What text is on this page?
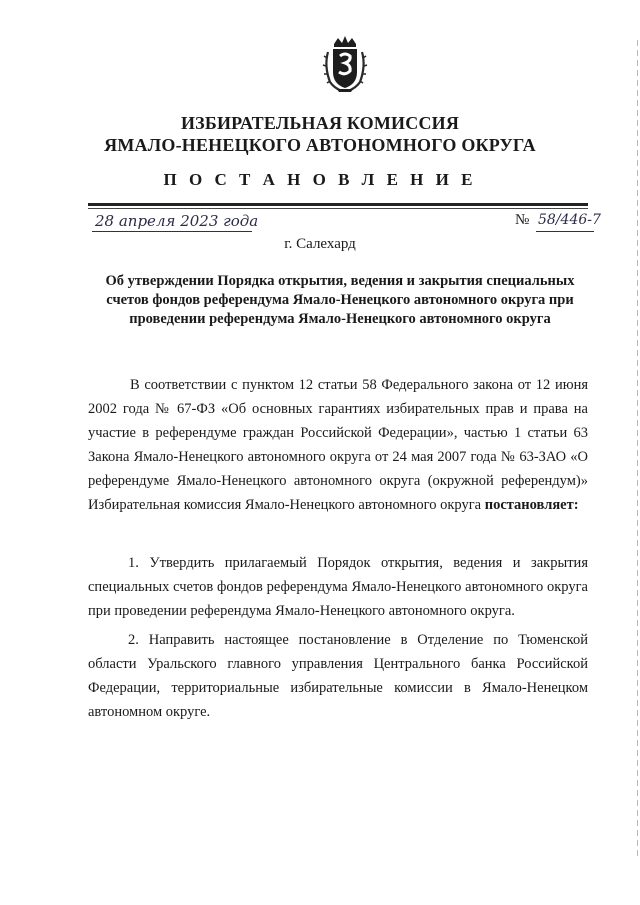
ИЗБИРАТЕЛЬНАЯ КОМИССИЯ
ЯМАЛО-НЕНЕЦКОГО АВТОНОМНОГО ОКРУГА
П О С Т А Н О В Л Е Н И Е
28 апреля 2023 года	№ 58/446-7
г. Салехард
Об утверждении Порядка открытия, ведения и закрытия специальных счетов фондов референдума Ямало-Ненецкого автономного округа при проведении референдума Ямало-Ненецкого автономного округа
В соответствии с пунктом 12 статьи 58 Федерального закона от 12 июня 2002 года № 67-ФЗ «Об основных гарантиях избирательных прав и права на участие в референдуме граждан Российской Федерации», частью 1 статьи 63 Закона Ямало-Ненецкого автономного округа от 24 мая 2007 года № 63-ЗАО «О референдуме Ямало-Ненецкого автономного округа (окружной референдум)» Избирательная комиссия Ямало-Ненецкого автономного округа постановляет:
1. Утвердить прилагаемый Порядок открытия, ведения и закрытия специальных счетов фондов референдума Ямало-Ненецкого автономного округа при проведении референдума Ямало-Ненецкого автономного округа.
2. Направить настоящее постановление в Отделение по Тюменской области Уральского главного управления Центрального банка Российской Федерации, территориальные избирательные комиссии в Ямало-Ненецком автономном округе.
